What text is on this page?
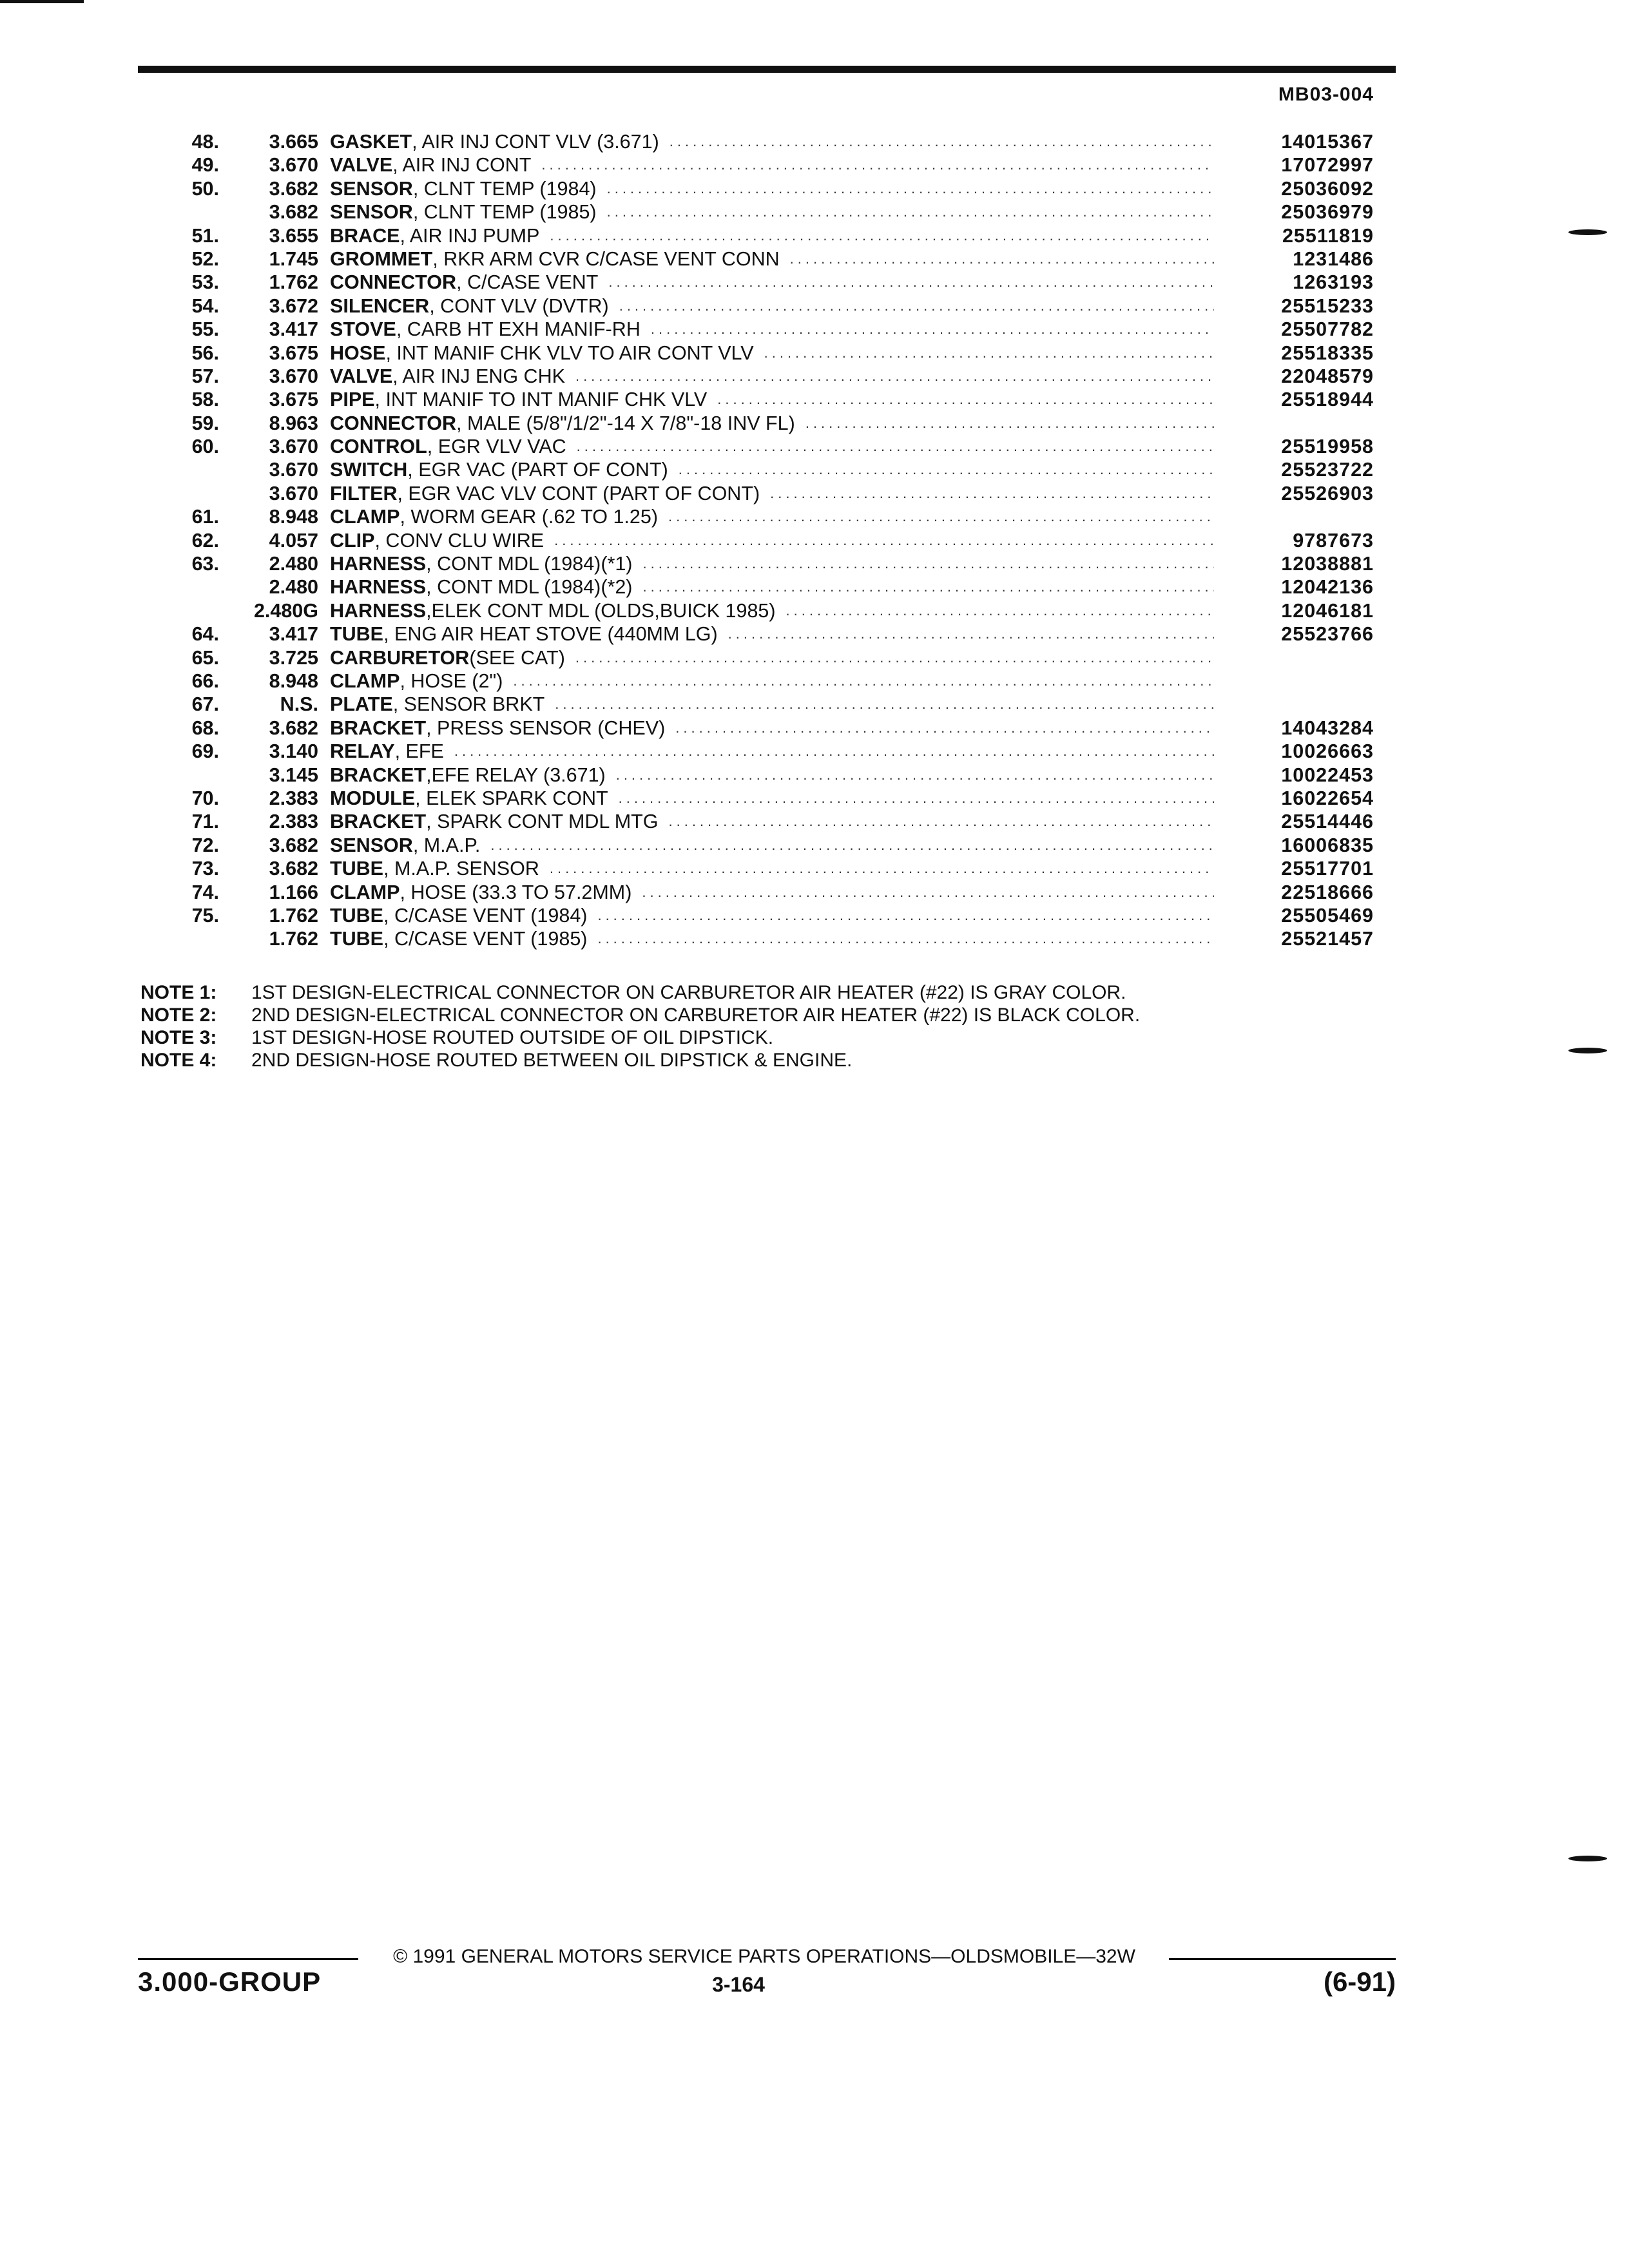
MB03-004
48.	3.665 GASKET , AIR INJ CONT VLV (3.671) .....	14015367
49.	3.670 VALVE , AIR INJ CONT .....	17072997
50.	3.682 SENSOR , CLNT TEMP (1984) .....	25036092
3.682 SENSOR , CLNT TEMP (1985) .....	25036979
51.	3.655 BRACE , AIR INJ PUMP .....	25511819
52.	1.745 GROMMET , RKR ARM CVR C/CASE VENT CONN .....	1231486
53.	1.762 CONNECTOR , C/CASE VENT .....	1263193
54.	3.672 SILENCER , CONT VLV (DVTR) .....	25515233
55.	3.417 STOVE , CARB HT EXH MANIF-RH .....	25507782
56.	3.675 HOSE , INT MANIF CHK VLV TO AIR CONT VLV .....	25518335
57.	3.670 VALVE , AIR INJ ENG CHK .....	22048579
58.	3.675 PIPE , INT MANIF TO INT MANIF CHK VLV .....	25518944
59.	8.963 CONNECTOR , MALE (5/8"/1/2"-14 X 7/8"-18 INV FL)
.....
60.	3.670 CONTROL , EGR VLV VAC .....	25519958
3.670 SWITCH , EGR VAC (PART OF CONT) .....	25523722
3.670 FILTER , EGR VAC VLV CONT (PART OF CONT) .....	25526903
61.	8.948 CLAMP , WORM GEAR (.62 TO 1.25)
.....
62.	4.057 CLIP , CONV CLU WIRE .....	9787673
63.	2.480 HARNESS , CONT MDL (1984)(*1) .....	12038881
2.480 HARNESS , CONT MDL (1984)(*2) .....	12042136
2.480G HARNESS ,ELEK CONT MDL (OLDS,BUICK 1985) .....	12046181
64.	3.417 TUBE , ENG AIR HEAT STOVE (440MM LG) .....	25523766
65.	3.725 CARBURETOR (SEE CAT)
.....
66.	8.948 CLAMP , HOSE (2")
.....
67.	N.S. PLATE , SENSOR BRKT
.....
68.	3.682 BRACKET , PRESS SENSOR (CHEV) .....	14043284
69.	3.140 RELAY , EFE .....	10026663
3.145 BRACKET ,EFE RELAY (3.671) .....	10022453
70.	2.383 MODULE , ELEK SPARK CONT .....	16022654
71.	2.383 BRACKET , SPARK CONT MDL MTG .....	25514446
72.	3.682 SENSOR , M.A.P. .....	16006835
73.	3.682 TUBE , M.A.P. SENSOR .....	25517701
74.	1.166 CLAMP , HOSE (33.3 TO 57.2MM) .....	22518666
75.	1.762 TUBE , C/CASE VENT (1984) .....	25505469
1.762 TUBE , C/CASE VENT (1985) .....	25521457
NOTE 1: 1ST DESIGN-ELECTRICAL CONNECTOR ON CARBURETOR AIR HEATER (#22) IS GRAY COLOR.
NOTE 2: 2ND DESIGN-ELECTRICAL CONNECTOR ON CARBURETOR AIR HEATER (#22) IS BLACK COLOR.
NOTE 3: 1ST DESIGN-HOSE ROUTED OUTSIDE OF OIL DIPSTICK.
NOTE 4: 2ND DESIGN-HOSE ROUTED BETWEEN OIL DIPSTICK & ENGINE.
© 1991 GENERAL MOTORS SERVICE PARTS OPERATIONS—OLDSMOBILE—32W
3.000-GROUP	3-164	(6-91)
